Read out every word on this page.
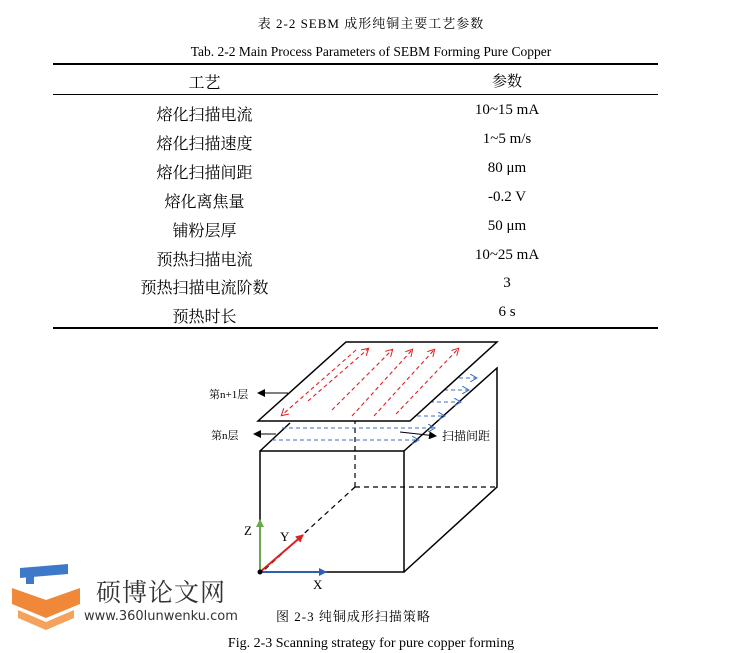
表 2-2 SEBM 成形纯铜主要工艺参数
Tab. 2-2 Main Process Parameters of SEBM Forming Pure Copper
工艺	参数
熔化扫描电流	10~15 mA
熔化扫描速度	1~5 m/s
熔化扫描间距	80 μm
熔化离焦量	-0.2 V
铺粉层厚	50 μm
预热扫描电流	10~25 mA
预热扫描电流阶数	3
预热时长	6 s
第n+1层
第n层	扫描间距
Z Y
X
硕博论文网
www.360lunwenku.com	图 2-3 纯铜成形扫描策略
Fig. 2-3 Scanning strategy for pure copper forming
